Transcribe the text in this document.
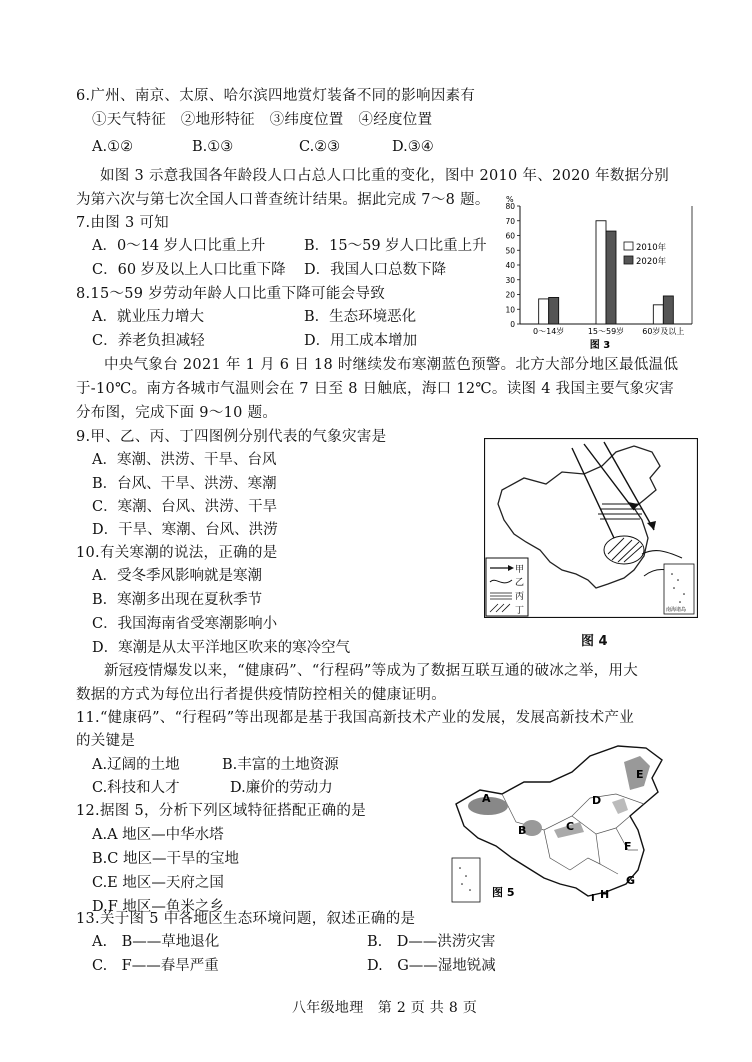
6.广州、南京、太原、哈尔滨四地赏灯装备不同的影响因素有
①天气特征　②地形特征　③纬度位置　④经度位置
A.①②	B.①③	C.②③	D.③④
如图 3 示意我国各年龄段人口占总人口比重的变化，图中 2010 年、2020 年数据分别
为第六次与第七次全国人口普查统计结果。据此完成 7～8 题。
7.由图 3 可知
A．0～14 岁人口比重上升	B．15～59 岁人口比重上升
C．60 岁及以上人口比重下降 D．我国人口总数下降
8.15～59 岁劳动年龄人口比重下降可能会导致
A．就业压力增大	B．生态环境恶化
C．养老负担减轻	D．用工成本增加
%
0
10
20
30
40
50
60
70
80
0～14岁	15～59岁 60岁及以上
2010年
2020年
图 3
中央气象台 2021 年 1 月 6 日 18 时继续发布寒潮蓝色预警。北方大部分地区最低温低
于-10℃。南方各城市气温则会在 7 日至 8 日触底，海口 12℃。读图 4 我国主要气象灾害
分布图，完成下面 9～10 题。
9.甲、乙、丙、丁四图例分别代表的气象灾害是
A．寒潮、洪涝、干旱、台风
B．台风、干旱、洪涝、寒潮
C．寒潮、台风、洪涝、干旱
D．干旱、寒潮、台风、洪涝
10.有关寒潮的说法，正确的是
A．受冬季风影响就是寒潮
B．寒潮多出现在夏秋季节
C．我国海南省受寒潮影响小
D．寒潮是从太平洋地区吹来的寒冷空气
甲
乙
丙
丁	南海诸岛
图 4
新冠疫情爆发以来，“健康码”、“行程码”等成为了数据互联互通的破冰之举，用大
数据的方式为每位出行者提供疫情防控相关的健康证明。
11.“健康码”、“行程码”等出现都是基于我国高新技术产业的发展，发展高新技术产业
的关键是
A.辽阔的土地	B.丰富的土地资源
C.科技和人才	D.廉价的劳动力
12.据图 5，分析下列区域特征搭配正确的是
A.A 地区—中华水塔
B.C 地区—干旱的宝地
C.E 地区—天府之国
D.F 地区—鱼米之乡
A
B	C
D
E
F
G
H
I
图 5
13.关于图 5 中各地区生态环境问题，叙述正确的是
A.　B——草地退化	B.　D——洪涝灾害
C.　F——春旱严重	D.　G——湿地锐减
八年级地理　第 2 页 共 8 页
